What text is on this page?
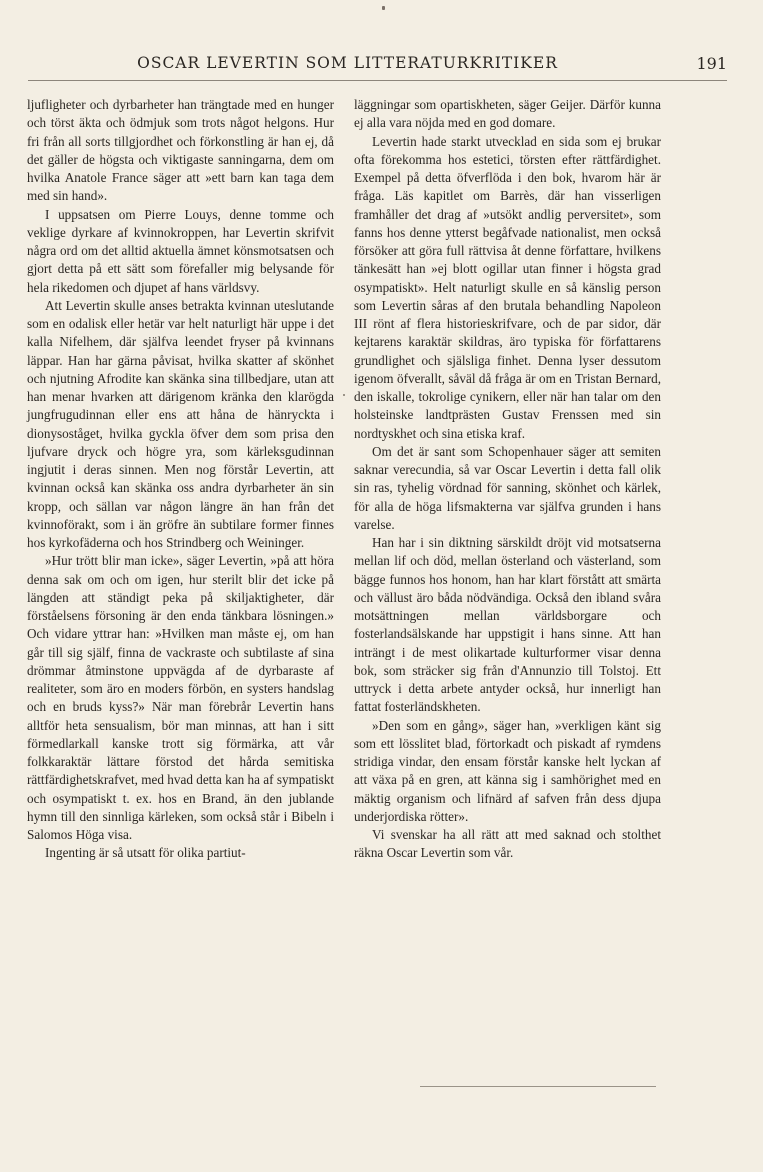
OSCAR LEVERTIN SOM LITTERATURKRITIKER	191

ljufligheter och dyrbarheter han trängtade med en hunger och törst äkta och ödmjuk som trots något helgons. Hur fri från all sorts tillgjordhet och förkonstling är han ej, då det gäller de högsta och viktigaste sanningarna, dem om hvilka Anatole France säger att »ett barn kan taga dem med sin hand».

I uppsatsen om Pierre Louys, denne tomme och veklige dyrkare af kvinnokroppen, har Levertin skrifvit några ord om det alltid aktuella ämnet könsmotsatsen och gjort detta på ett sätt som förefaller mig belysande för hela rikedomen och djupet af hans världsvy.

Att Levertin skulle anses betrakta kvinnan uteslutande som en odalisk eller hetär var helt naturligt här uppe i det kalla Nifelhem, där själfva leendet fryser på kvinnans läppar. Han har gärna påvisat, hvilka skatter af skönhet och njutning Afrodite kan skänka sina tillbedjare, utan att han menar hvarken att därigenom kränka den klarögda jungfrugudinnan eller ens att håna de hänryckta i dionysoståget, hvilka gyckla öfver dem som prisa den ljufvare dryck och högre yra, som kärleksgudinnan ingjutit i deras sinnen. Men nog förstår Levertin, att kvinnan också kan skänka oss andra dyrbarheter än sin kropp, och sällan var någon längre än han från det kvinnoförakt, som i än gröfre än subtilare former finnes hos kyrkofäderna och hos Strindberg och Weininger.

»Hur trött blir man icke», säger Levertin, »på att höra denna sak om och om igen, hur sterilt blir det icke på längden att ständigt peka på skiljaktigheter, där förståelsens försoning är den enda tänkbara lösningen.» Och vidare yttrar han: »Hvilken man måste ej, om han går till sig själf, finna de vackraste och subtilaste af sina drömmar åtminstone uppvägda af de dyrbaraste af realiteter, som äro en moders förbön, en systers handslag och en bruds kyss?» När man förebrår Levertin hans alltför heta sensualism, bör man minnas, att han i sitt förmedlarkall kanske trott sig förmärka, att vår folkkaraktär lättare förstod det hårda semitiska rättfärdighetskrafvet, med hvad detta kan ha af sympatiskt och osympatiskt t. ex. hos en Brand, än den jublande hymn till den sinnliga kärleken, som också står i Bibeln i Salomos Höga visa.

Ingenting är så utsatt för olika partiut-

läggningar som opartiskheten, säger Geijer. Därför kunna ej alla vara nöjda med en god domare.

Levertin hade starkt utvecklad en sida som ej brukar ofta förekomma hos estetici, törsten efter rättfärdighet. Exempel på detta öfverflöda i den bok, hvarom här är fråga. Läs kapitlet om Barrès, där han visserligen framhåller det drag af »utsökt andlig perversitet», som fanns hos denne ytterst begåfvade nationalist, men också försöker att göra full rättvisa åt denne författare, hvilkens tänkesätt han »ej blott ogillar utan finner i högsta grad osympatiskt». Helt naturligt skulle en så känslig person som Levertin såras af den brutala behandling Napoleon III rönt af flera historieskrifvare, och de par sidor, där kejtarens karaktär skildras, äro typiska för författarens grundlighet och själsliga finhet. Denna lyser dessutom igenom öfverallt, såväl då fråga är om en Tristan Bernard, den iskalle, tokrolige cynikern, eller när han talar om den holsteinske landtprästen Gustav Frenssen med sin nordtyskhet och sina etiska kraf.

Om det är sant som Schopenhauer säger att semiten saknar verecundia, så var Oscar Levertin i detta fall olik sin ras, tyhelig vördnad för sanning, skönhet och kärlek, för alla de höga lifsmakterna var själfva grunden i hans varelse.

Han har i sin diktning särskildt dröjt vid motsatserna mellan lif och död, mellan österland och västerland, som bägge funnos hos honom, han har klart förstått att smärta och vällust äro båda nödvändiga. Också den ibland svåra motsättningen mellan världsborgare och fosterlandsälskande har uppstigit i hans sinne. Att han inträngt i de mest olikartade kulturformer visar denna bok, som sträcker sig från d'Annunzio till Tolstoj. Ett uttryck i detta arbete antyder också, hur innerligt han fattat fosterländskheten.

»Den som en gång», säger han, »verkligen känt sig som ett lösslitet blad, förtorkadt och piskadt af rymdens stridiga vindar, den ensam förstår kanske helt lyckan af att växa på en gren, att känna sig i samhörighet med en mäktig organism och lifnärd af safven från dess djupa underjordiska rötter».

Vi svenskar ha all rätt att med saknad och stolthet räkna Oscar Levertin som vår.
